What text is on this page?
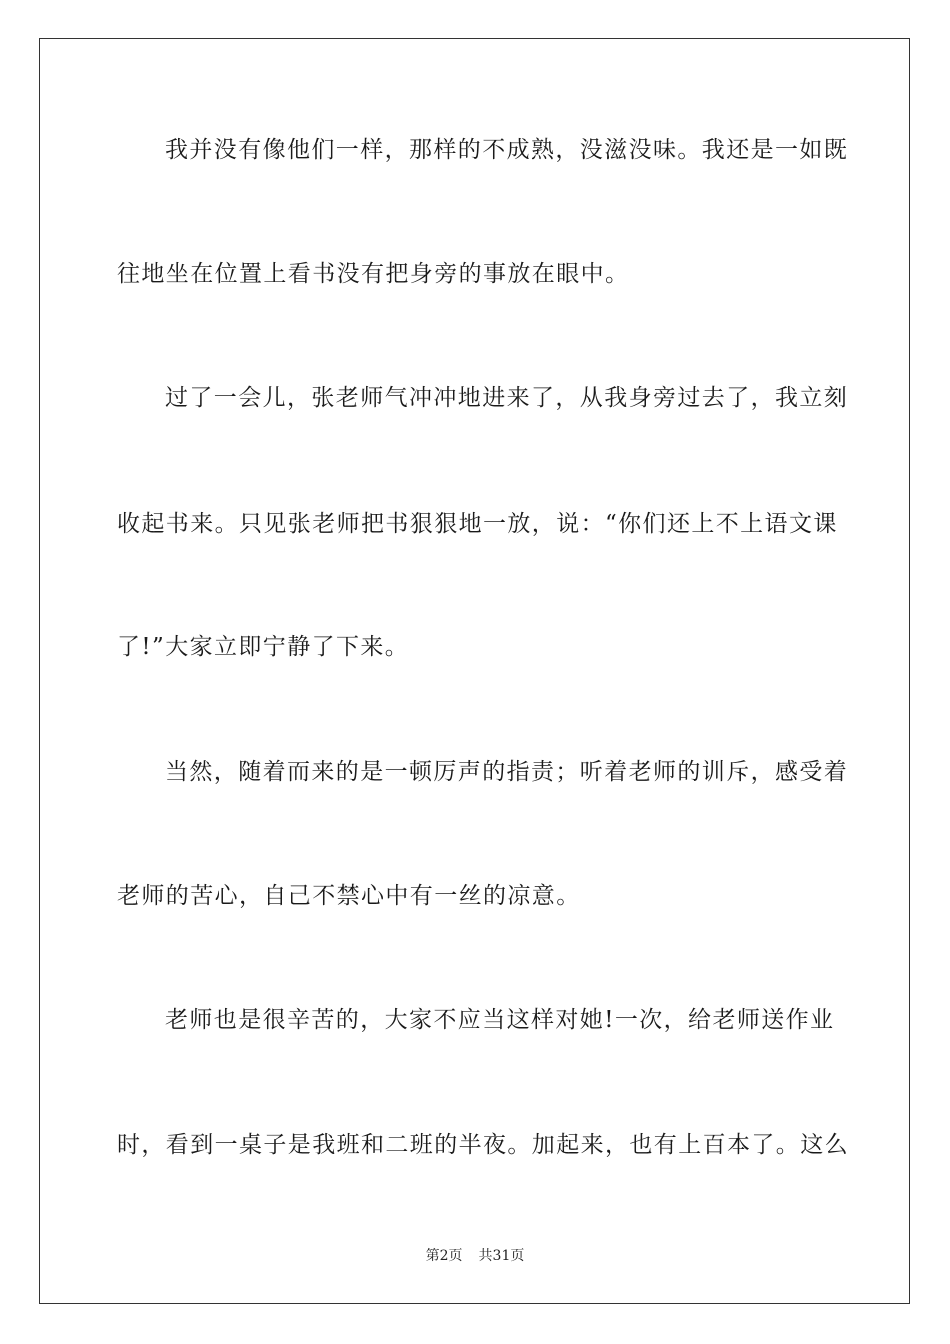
我并没有像他们一样，那样的不成熟，没滋没味。我还是一如既
往地坐在位置上看书没有把身旁的事放在眼中。
过了一会儿，张老师气冲冲地进来了，从我身旁过去了，我立刻
收起书来。只见张老师把书狠狠地一放，说：“你们还上不上语文课
了!”大家立即宁静了下来。
当然，随着而来的是一顿厉声的指责；听着老师的训斥，感受着
老师的苦心，自己不禁心中有一丝的凉意。
老师也是很辛苦的，大家不应当这样对她!一次，给老师送作业
时，看到一桌子是我班和二班的半夜。加起来，也有上百本了。这么
第2页 共31页
